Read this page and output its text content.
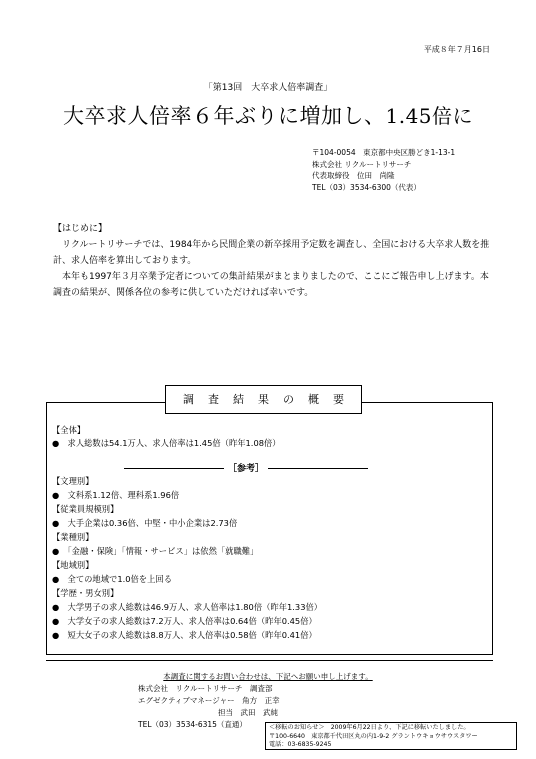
平成８年７月16日
「第13回　大卒求人倍率調査」
大卒求人倍率６年ぶりに増加し、1.45倍に
〒104-0054　東京都中央区勝どき1-13-1
株式会社 リクルートリサーチ
代表取締役　位田　尚隆
TEL（03）3534-6300（代表）

【はじめに】

　リクルートリサーチでは、1984年から民間企業の新卒採用予定数を調査し、全国における大卒求人数を推計、求人倍率を算出しております。

　本年も1997年３月卒業予定者についての集計結果がまとまりましたので、ここにご報告申し上げます。本調査の結果が、関係各位の参考に供していただければ幸いです。

調査結果の概要
【全体】
●　求人総数は54.1万人、求人倍率は1.45倍（昨年1.08倍）
【文理別】
●　文科系1.12倍、理科系1.96倍
【従業員規模別】
●　大手企業は0.36倍、中堅・中小企業は2.73倍
【業種別】
●　「金融・保険」「情報・サービス」は依然「就職難」
【地域別】
●　全ての地域で1.0倍を上回る
【学歴・男女別】
●　大学男子の求人総数は46.9万人、求人倍率は1.80倍（昨年1.33倍）
●　大学女子の求人総数は7.2万人、求人倍率は0.64倍（昨年0.45倍）
●　短大女子の求人総数は8.8万人、求人倍率は0.58倍（昨年0.41倍）
［参考］
本調査に関するお問い合わせは、下記へお願い申し上げます。
株式会社　リクルートリサーチ　調査部
エグゼクティブマネージャー　角方　正幸
担当　武田　武純
TEL（03）3534-6315（直通）	＜移転のお知らせ＞　2009年6月22日より、下記に移転いたしました。
〒100-6640　東京都千代田区丸の内1-9-2 グラントウキョウサウスタワー
電話：03-6835-9245
